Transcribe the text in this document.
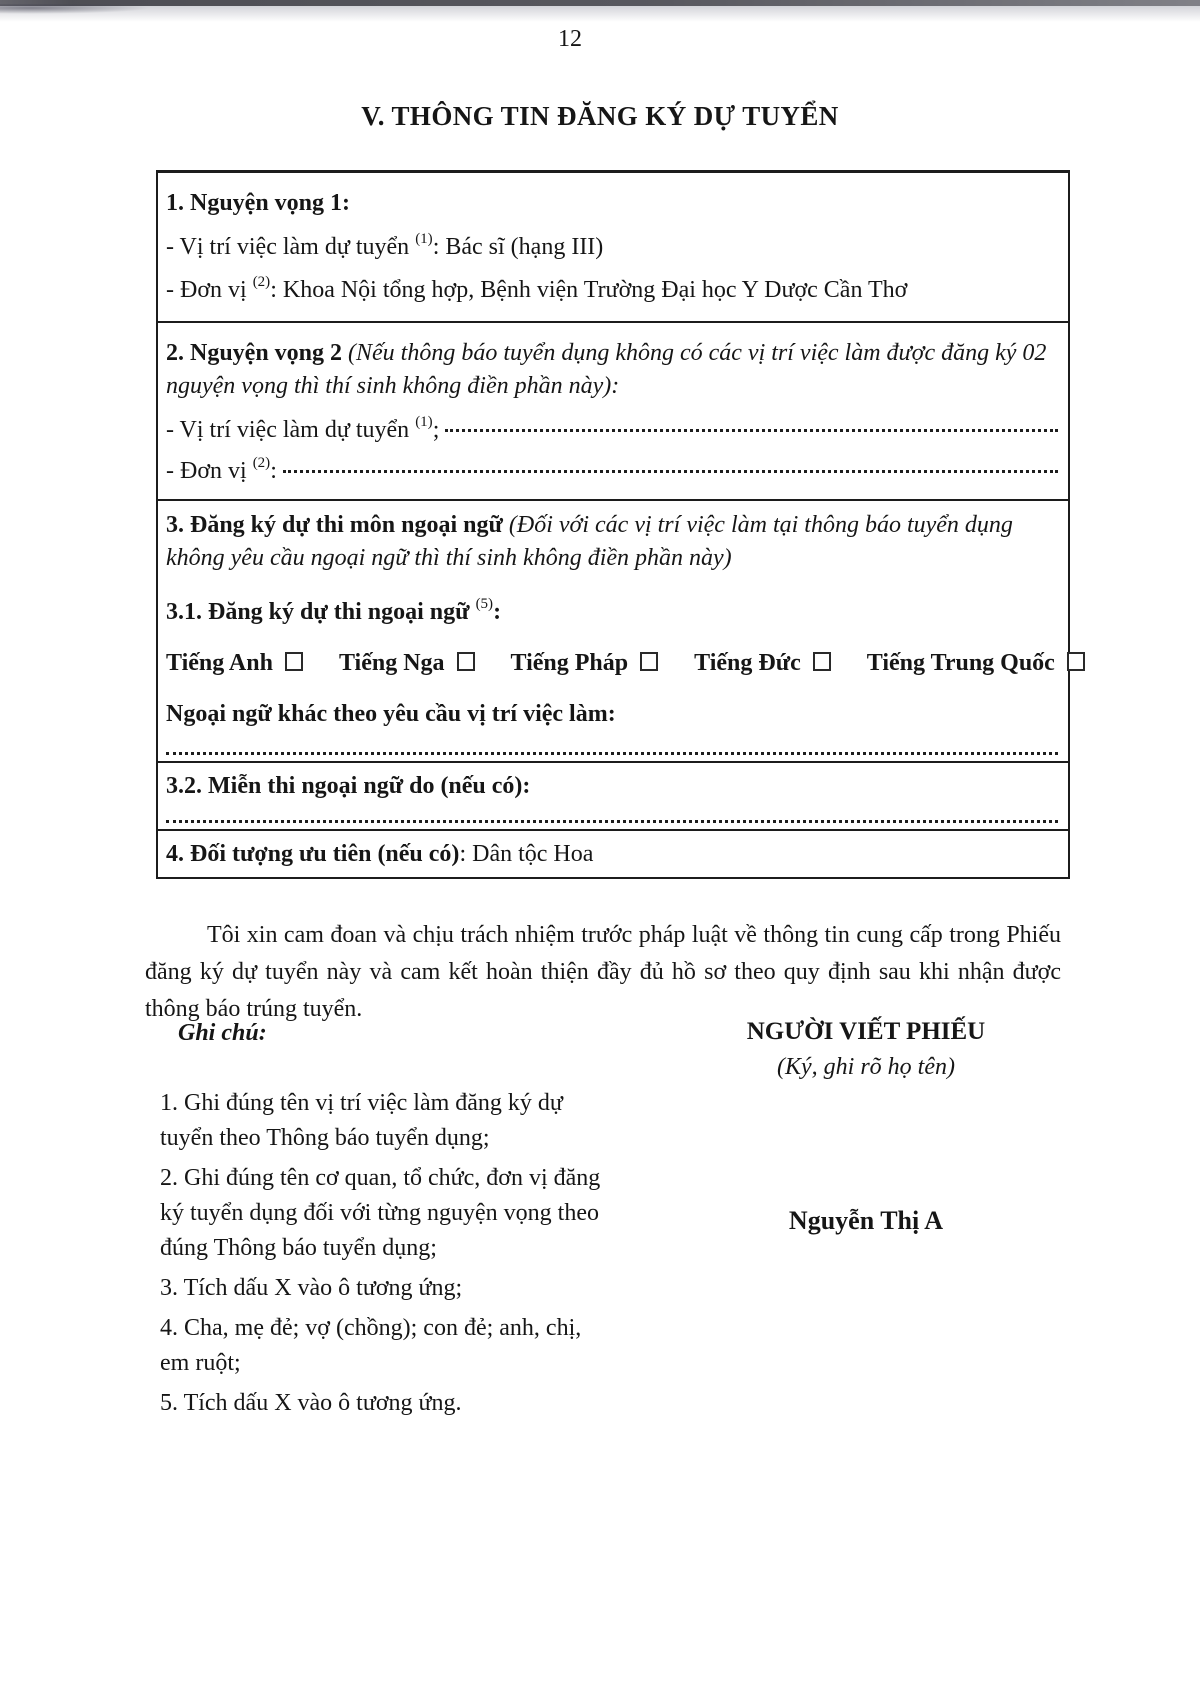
12
V. THÔNG TIN ĐĂNG KÝ DỰ TUYỂN

1. Nguyện vọng 1:

- Vị trí việc làm dự tuyển $^{(1)}$: Bác sĩ (hạng III)

- Đơn vị $^{(2)}$: Khoa Nội tổng hợp, Bệnh viện Trường Đại học Y Dược Cần Thơ

2. Nguyện vọng 2 (Nếu thông báo tuyển dụng không có các vị trí việc làm được đăng ký 02 nguyện vọng thì thí sinh không điền phần này):

- Vị trí việc làm dự tuyển $^{(1)}$;

- Đơn vị $^{(2)}$:

3. Đăng ký dự thi môn ngoại ngữ (Đối với các vị trí việc làm tại thông báo tuyển dụng không yêu cầu ngoại ngữ thì thí sinh không điền phần này)

3.1. Đăng ký dự thi ngoại ngữ $^{(5)}$:

Tiếng Anh	Tiếng Nga	Tiếng Pháp	Tiếng Đức	Tiếng Trung Quốc

Ngoại ngữ khác theo yêu cầu vị trí việc làm:

3.2. Miễn thi ngoại ngữ do (nếu có):

4. Đối tượng ưu tiên (nếu có): Dân tộc Hoa

Tôi xin cam đoan và chịu trách nhiệm trước pháp luật về thông tin cung cấp trong Phiếu đăng ký dự tuyển này và cam kết hoàn thiện đầy đủ hồ sơ theo quy định sau khi nhận được thông báo trúng tuyển.

Ghi chú:	NGƯỜI VIẾT PHIẾU
(Ký, ghi rõ họ tên)

1. Ghi đúng tên vị trí việc làm đăng ký dự tuyển theo Thông báo tuyển dụng;

2. Ghi đúng tên cơ quan, tổ chức, đơn vị đăng ký tuyển dụng đối với từng nguyện vọng theo đúng Thông báo tuyển dụng;

3. Tích dấu X vào ô tương ứng;

4. Cha, mẹ đẻ; vợ (chồng); con đẻ; anh, chị, em ruột;

5. Tích dấu X vào ô tương ứng.

Nguyễn Thị A
